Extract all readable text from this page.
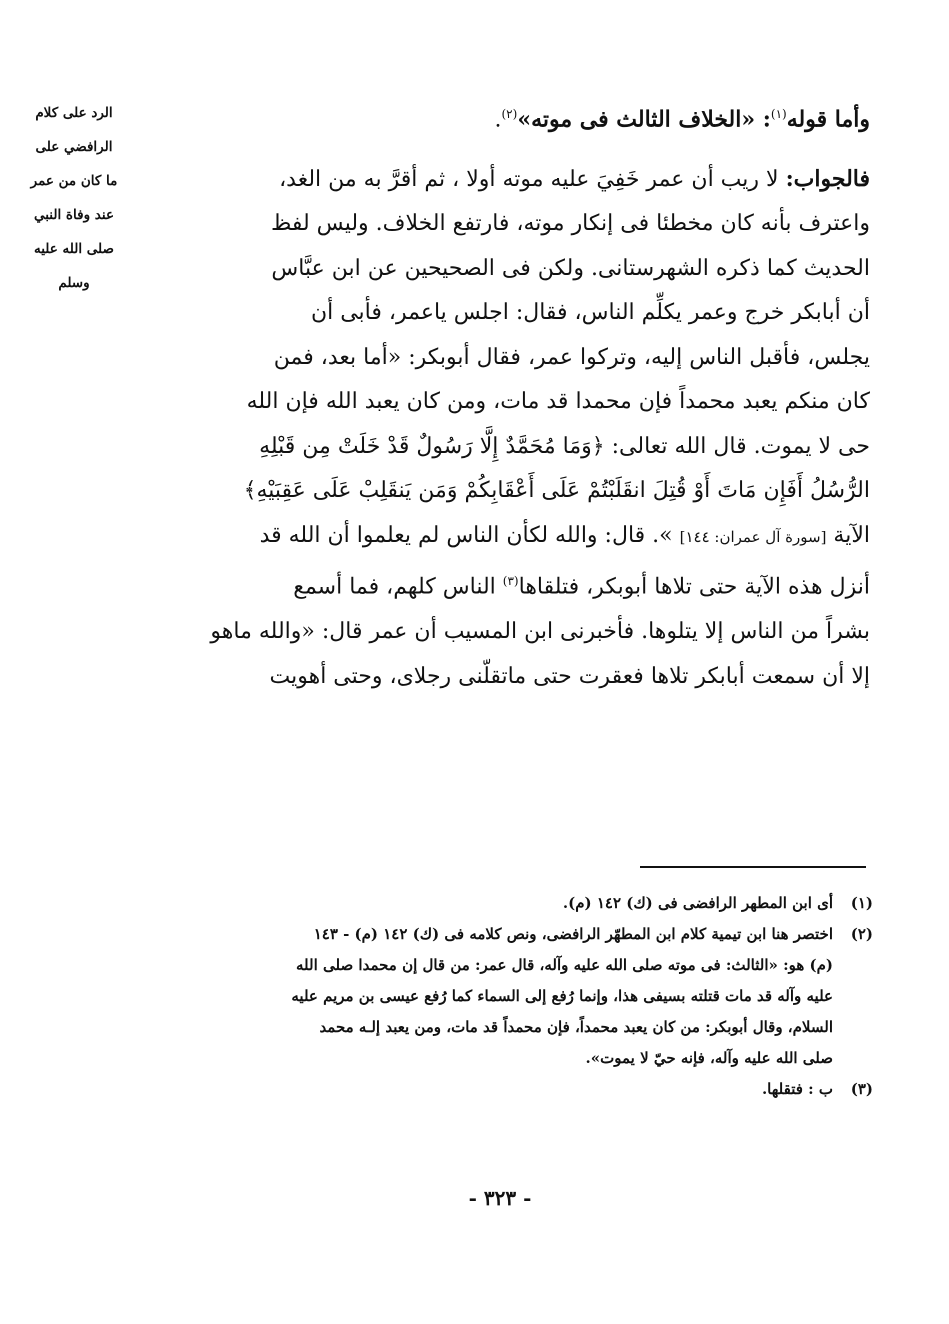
الرد على كلام
الرافضي على
ما كان من عمر
عند وفاة النبي
صلى الله عليه
وسلم
وأما قوله$^{(١)}$: «الخلاف الثالث فى موته»$^{(٢)}$.
فالجواب: لا ريب أن عمر خَفِيَ عليه موته أولا ، ثم أقرَّ به من الغد،
واعترف بأنه كان مخطئا فى إنكار موته، فارتفع الخلاف. وليس لفظ
الحديث كما ذكره الشهرستانى. ولكن فى الصحيحين عن ابن عبَّاس
أن أبابكر خرج وعمر يكلِّم الناس، فقال: اجلس ياعمر، فأبى أن
يجلس، فأقبل الناس إليه، وتركوا عمر، فقال أبوبكر: «أما بعد، فمن
كان منكم يعبد محمداً فإن محمدا قد مات، ومن كان يعبد الله فإن الله
حى لا يموت. قال الله تعالى: ﴿وَمَا مُحَمَّدٌ إِلَّا رَسُولٌ قَدْ خَلَتْ مِن قَبْلِهِ
الرُّسُلُ أَفَإِن مَاتَ أَوْ قُتِلَ انقَلَبْتُمْ عَلَى أَعْقَابِكُمْ وَمَن يَنقَلِبْ عَلَى عَقِبَيْهِ﴾
الآية [سورة آل عمران: ١٤٤] ». قال: والله لكأن الناس لم يعلموا أن الله قد
أنزل هذه الآية حتى تلاها أبوبكر، فتلقاها$^{(٣)}$ الناس كلهم، فما أسمع
بشراً من الناس إلا يتلوها. فأخبرنى ابن المسيب أن عمر قال: «والله ماهو
إلا أن سمعت أبابكر تلاها فعقرت حتى ماتقلّنى رجلاى، وحتى أهويت
(١)
أى ابن المطهر الرافضى فى (ك) ١٤٢ (م).
(٢)
اختصر هنا ابن تيمية كلام ابن المطهّر الرافضى، ونص كلامه فى (ك) ١٤٢ (م) - ١٤٣
(م) هو: «الثالث: فى موته صلى الله عليه وآله، قال عمر: من قال إن محمدا صلى الله
عليه وآله قد مات قتلته بسيفى هذا، وإنما رُفع إلى السماء كما رُفع عيسى بن مريم عليه
السلام، وقال أبوبكر: من كان يعبد محمداً، فإن محمداً قد مات، ومن يعبد إلـه محمد
صلى الله عليه وآله، فإنه حيّ لا يموت».
(٣)
ب : فتقلها.
- ٣٢٣ -
